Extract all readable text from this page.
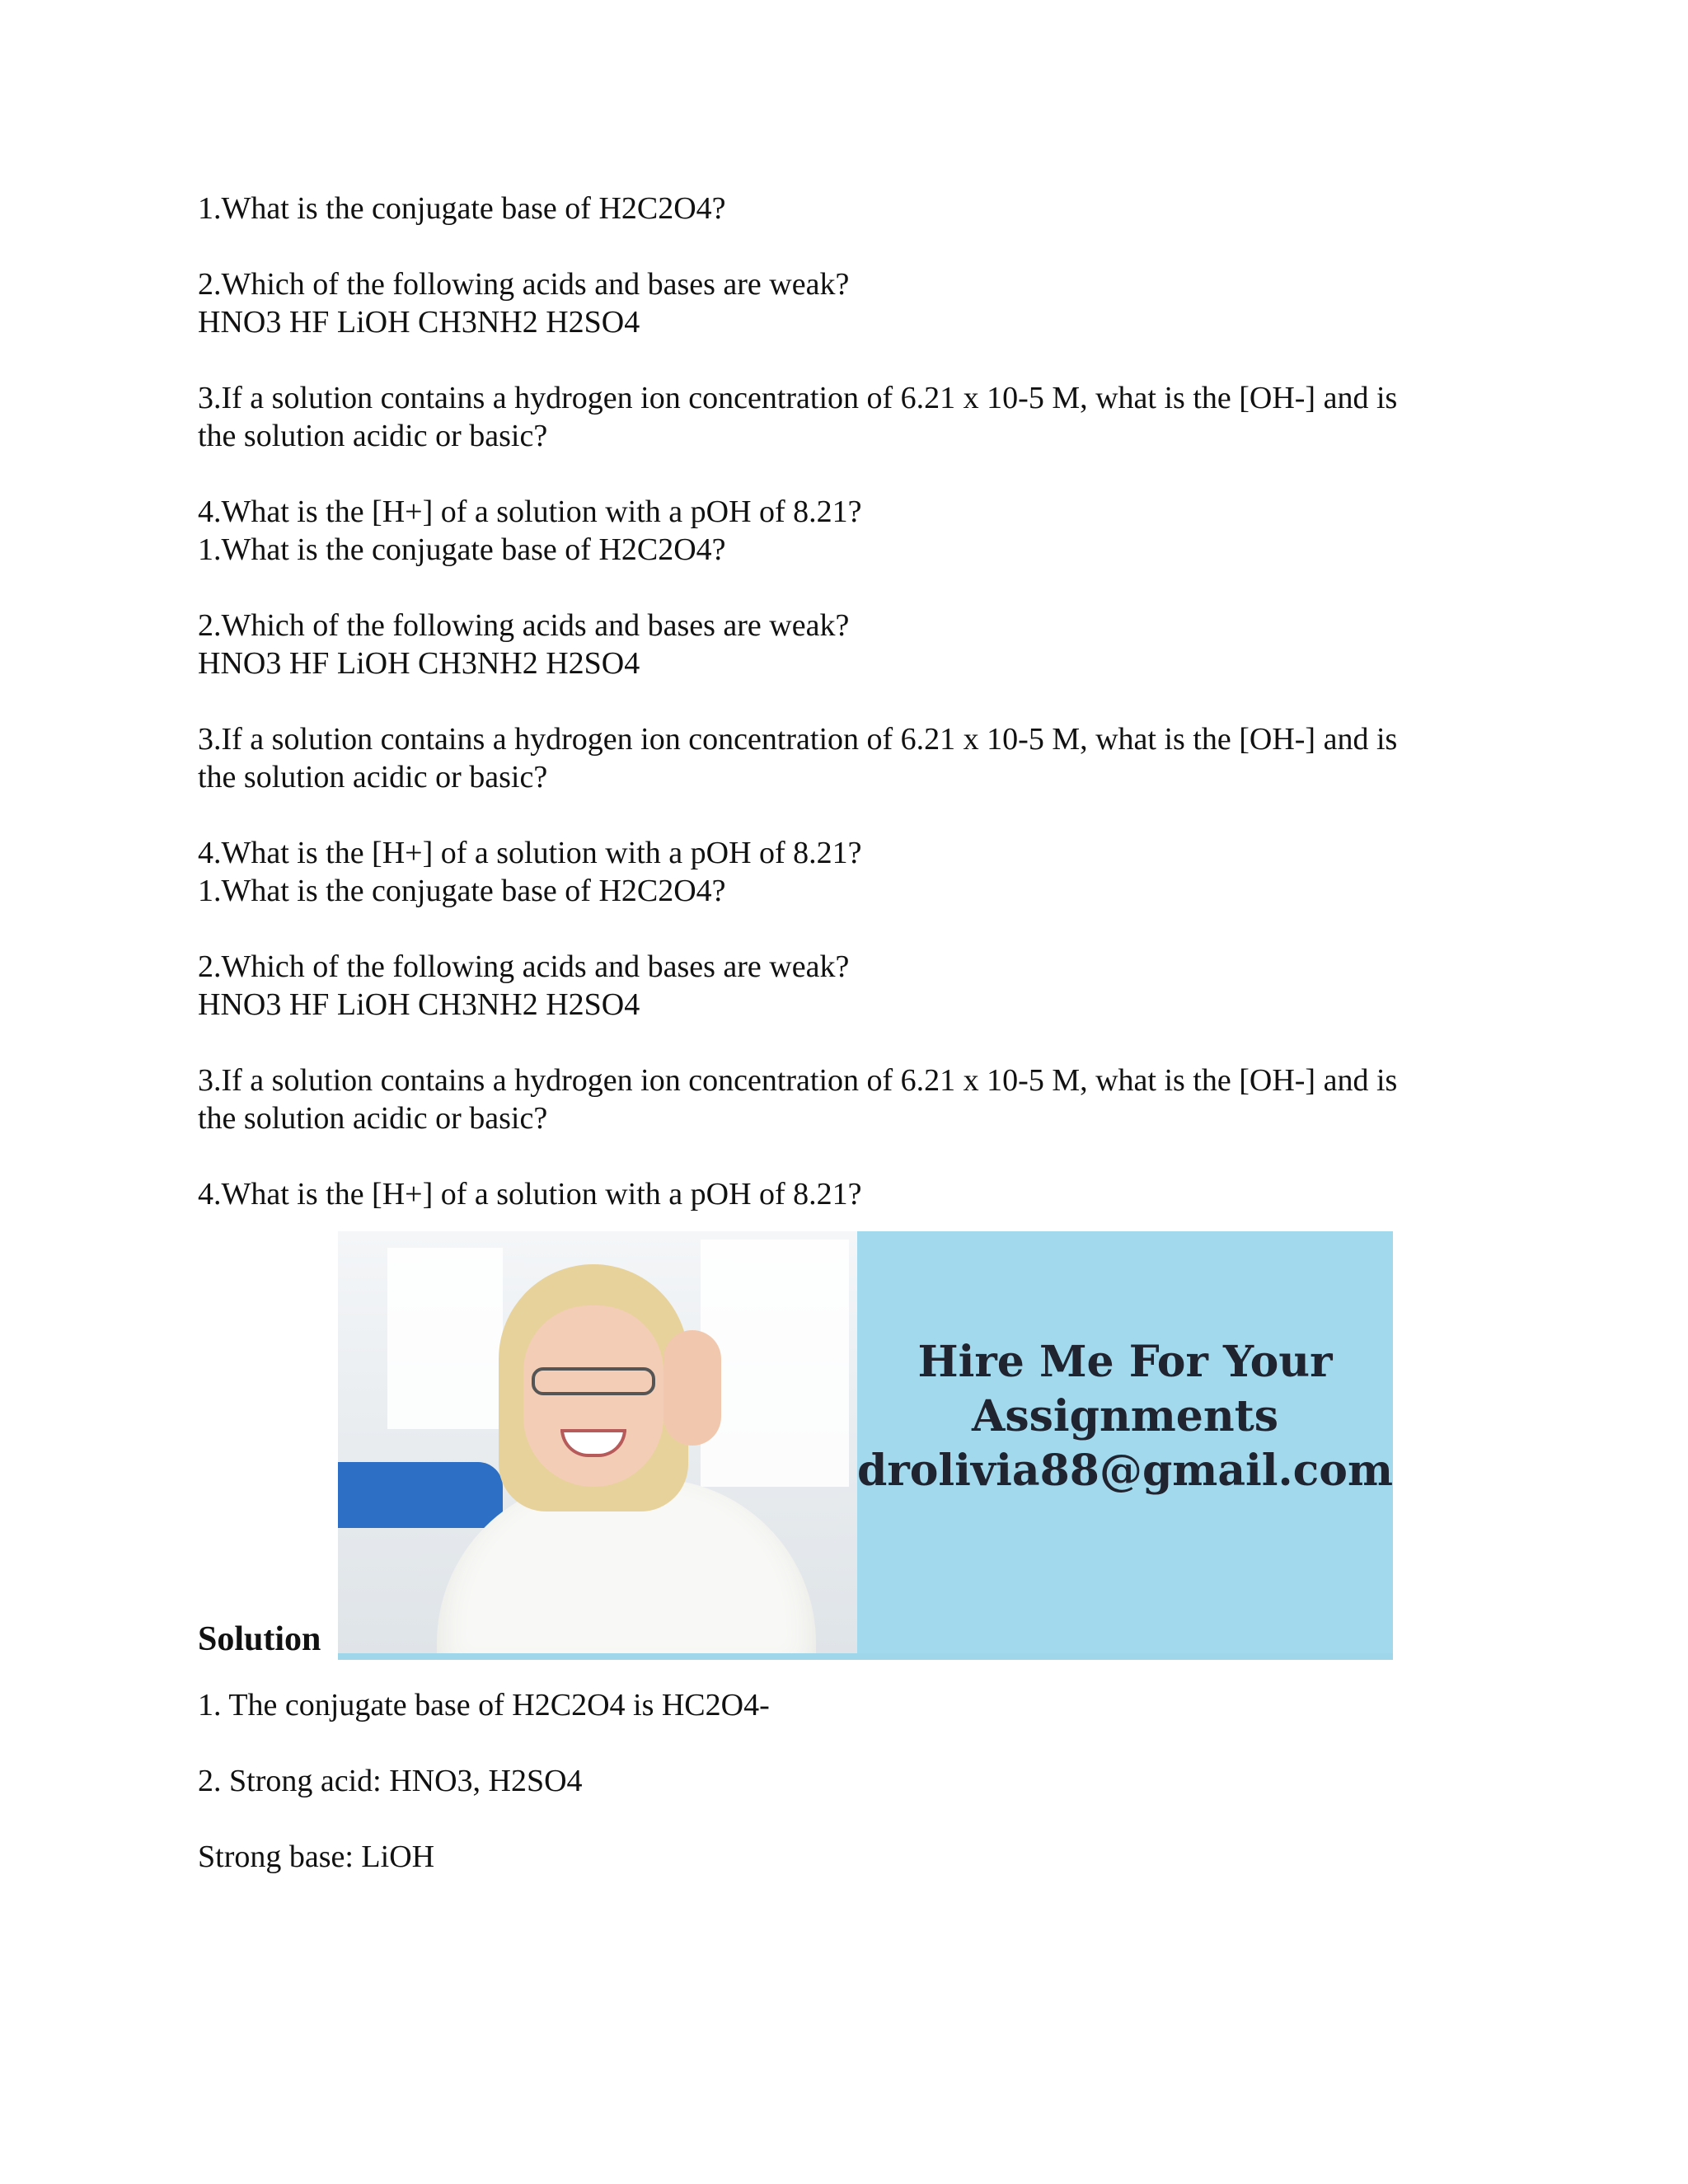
1.What is the conjugate base of H2C2O4?

2.Which of the following acids and bases are weak?

HNO3 HF LiOH CH3NH2 H2SO4

3.If a solution contains a hydrogen ion concentration of 6.21 x 10-5 M, what is the [OH-] and is

the solution acidic or basic?

4.What is the [H+] of a solution with a pOH of 8.21?

1.What is the conjugate base of H2C2O4?

2.Which of the following acids and bases are weak?

HNO3 HF LiOH CH3NH2 H2SO4

3.If a solution contains a hydrogen ion concentration of 6.21 x 10-5 M, what is the [OH-] and is

the solution acidic or basic?

4.What is the [H+] of a solution with a pOH of 8.21?

1.What is the conjugate base of H2C2O4?

2.Which of the following acids and bases are weak?

HNO3 HF LiOH CH3NH2 H2SO4

3.If a solution contains a hydrogen ion concentration of 6.21 x 10-5 M, what is the [OH-] and is

the solution acidic or basic?

4.What is the [H+] of a solution with a pOH of 8.21?

Solution

Hire Me For Your

Assignments

drolivia88@gmail.com

1. The conjugate base of H2C2O4 is HC2O4-

2. Strong acid: HNO3, H2SO4

Strong base: LiOH
